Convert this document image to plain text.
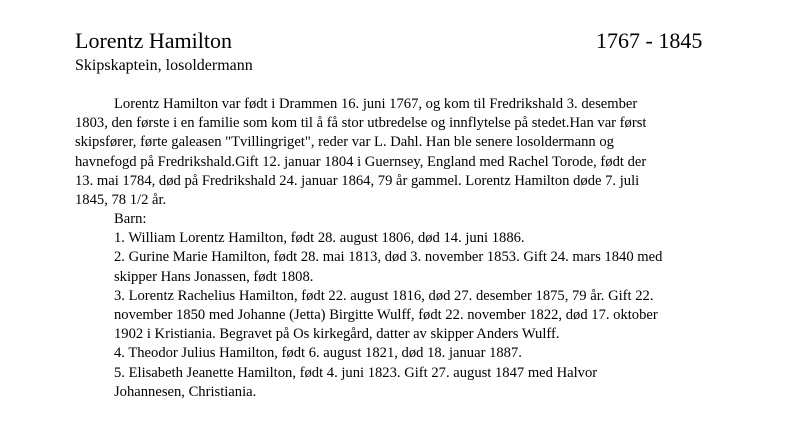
Lorentz Hamilton	1767 - 1845
Skipskaptein, losoldermann
Lorentz Hamilton var født i Drammen 16. juni 1767, og kom til Fredrikshald 3. desember
1803, den første i en familie som kom til å få stor utbredelse og innflytelse på stedet.Han var først
skipsfører, førte galeasen "Tvillingriget", reder var L. Dahl. Han ble senere losoldermann og
havnefogd på Fredrikshald.Gift 12. januar 1804 i Guernsey, England med Rachel Torode, født der
13. mai 1784, død på Fredrikshald 24. januar 1864, 79 år gammel. Lorentz Hamilton døde 7. juli
1845, 78 1/2 år.
Barn:
1. William Lorentz Hamilton, født 28. august 1806, død 14. juni 1886.
2. Gurine Marie Hamilton, født 28. mai 1813, død 3. november 1853. Gift 24. mars 1840 med
skipper Hans Jonassen, født 1808.
3. Lorentz Rachelius Hamilton, født 22. august 1816, død 27. desember 1875, 79 år. Gift 22.
november 1850 med Johanne (Jetta) Birgitte Wulff, født 22. november 1822, død 17. oktober
1902 i Kristiania. Begravet på Os kirkegård, datter av skipper Anders Wulff.
4. Theodor Julius Hamilton, født 6. august 1821, død 18. januar 1887.
5. Elisabeth Jeanette Hamilton, født 4. juni 1823. Gift 27. august 1847 med Halvor
Johannesen, Christiania.
